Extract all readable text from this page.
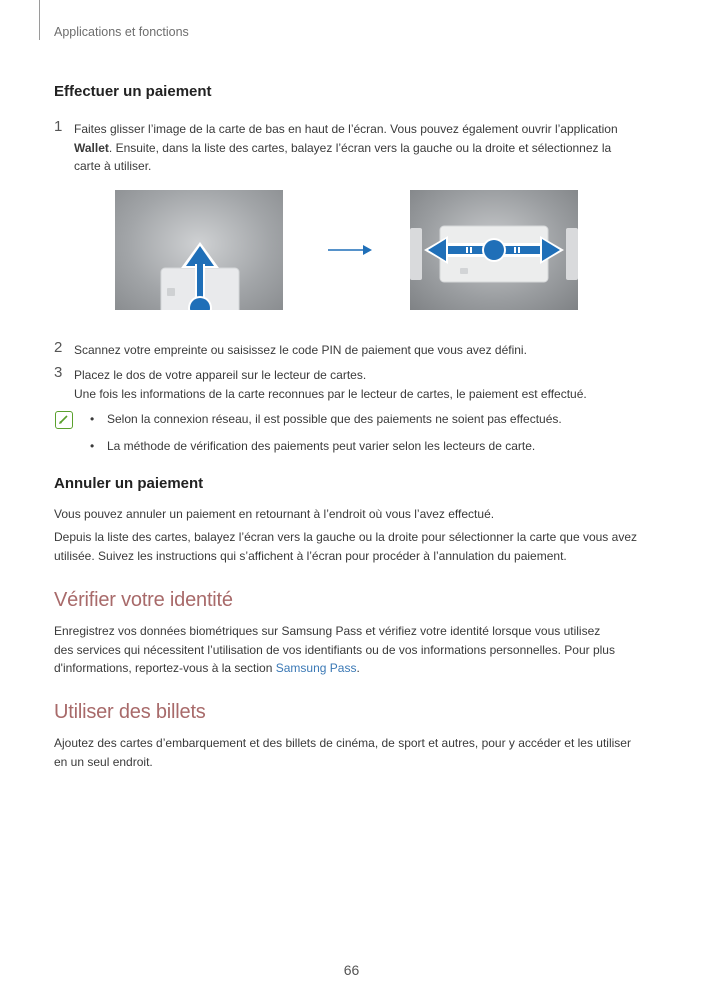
Applications et fonctions
Effectuer un paiement
1 Faites glisser l’image de la carte de bas en haut de l’écran. Vous pouvez également ouvrir l’application
Wallet. Ensuite, dans la liste des cartes, balayez l’écran vers la gauche ou la droite et sélectionnez la
carte à utiliser.
2 Scannez votre empreinte ou saisissez le code PIN de paiement que vous avez défini.
3 Placez le dos de votre appareil sur le lecteur de cartes.
Une fois les informations de la carte reconnues par le lecteur de cartes, le paiement est effectué.
• Selon la connexion réseau, il est possible que des paiements ne soient pas effectués.
• La méthode de vérification des paiements peut varier selon les lecteurs de carte.
Annuler un paiement
Vous pouvez annuler un paiement en retournant à l’endroit où vous l’avez effectué.
Depuis la liste des cartes, balayez l’écran vers la gauche ou la droite pour sélectionner la carte que vous avez
utilisée. Suivez les instructions qui s’affichent à l’écran pour procéder à l’annulation du paiement.
Vérifier votre identité
Enregistrez vos données biométriques sur Samsung Pass et vérifiez votre identité lorsque vous utilisez
des services qui nécessitent l’utilisation de vos identifiants ou de vos informations personnelles. Pour plus
d'informations, reportez-vous à la section Samsung Pass.
Utiliser des billets
Ajoutez des cartes d’embarquement et des billets de cinéma, de sport et autres, pour y accéder et les utiliser
en un seul endroit.
66
